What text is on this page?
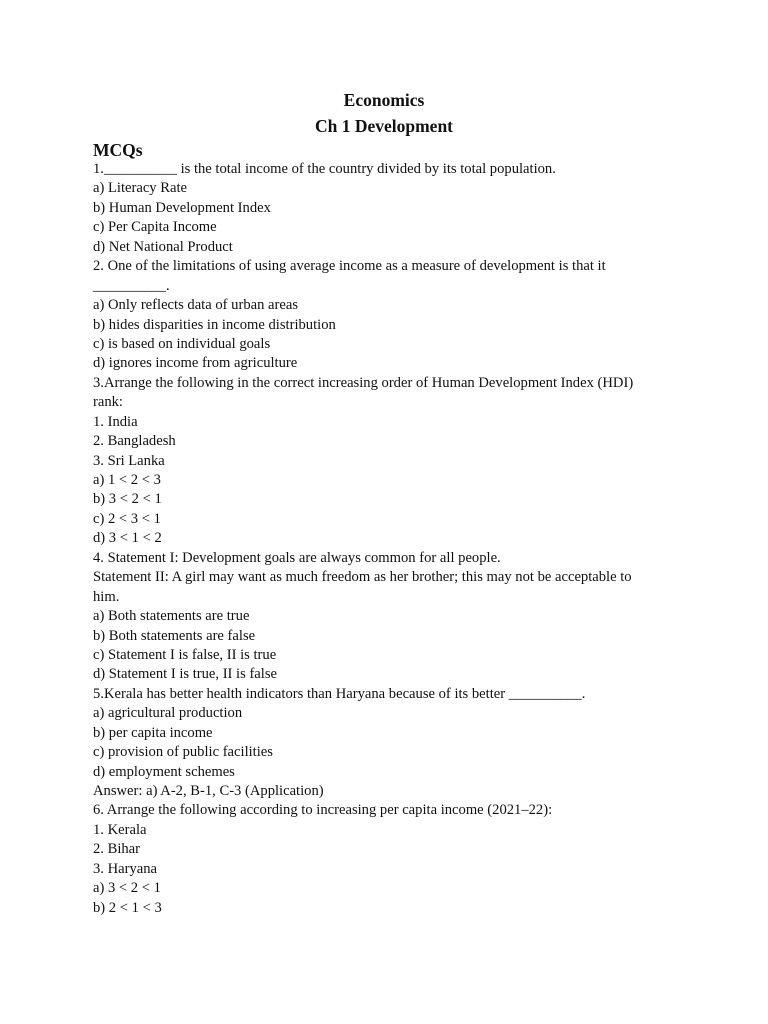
Economics
Ch 1 Development
MCQs
1.__________ is the total income of the country divided by its total population.
a) Literacy Rate
b) Human Development Index
c) Per Capita Income
d) Net National Product
2. One of the limitations of using average income as a measure of development is that it
__________.
a) Only reflects data of urban areas
b) hides disparities in income distribution
c) is based on individual goals
d) ignores income from agriculture
3.Arrange the following in the correct increasing order of Human Development Index (HDI)
rank:
1. India
2. Bangladesh
3. Sri Lanka
a) 1 < 2 < 3
b) 3 < 2 < 1
c) 2 < 3 < 1
d) 3 < 1 < 2
4. Statement I: Development goals are always common for all people.
Statement II: A girl may want as much freedom as her brother; this may not be acceptable to
him.
a) Both statements are true
b) Both statements are false
c) Statement I is false, II is true
d) Statement I is true, II is false
5.Kerala has better health indicators than Haryana because of its better __________.
a) agricultural production
b) per capita income
c) provision of public facilities
d) employment schemes
Answer: a) A-2, B-1, C-3 (Application)
6. Arrange the following according to increasing per capita income (2021–22):
1. Kerala
2. Bihar
3. Haryana
a) 3 < 2 < 1
b) 2 < 1 < 3
